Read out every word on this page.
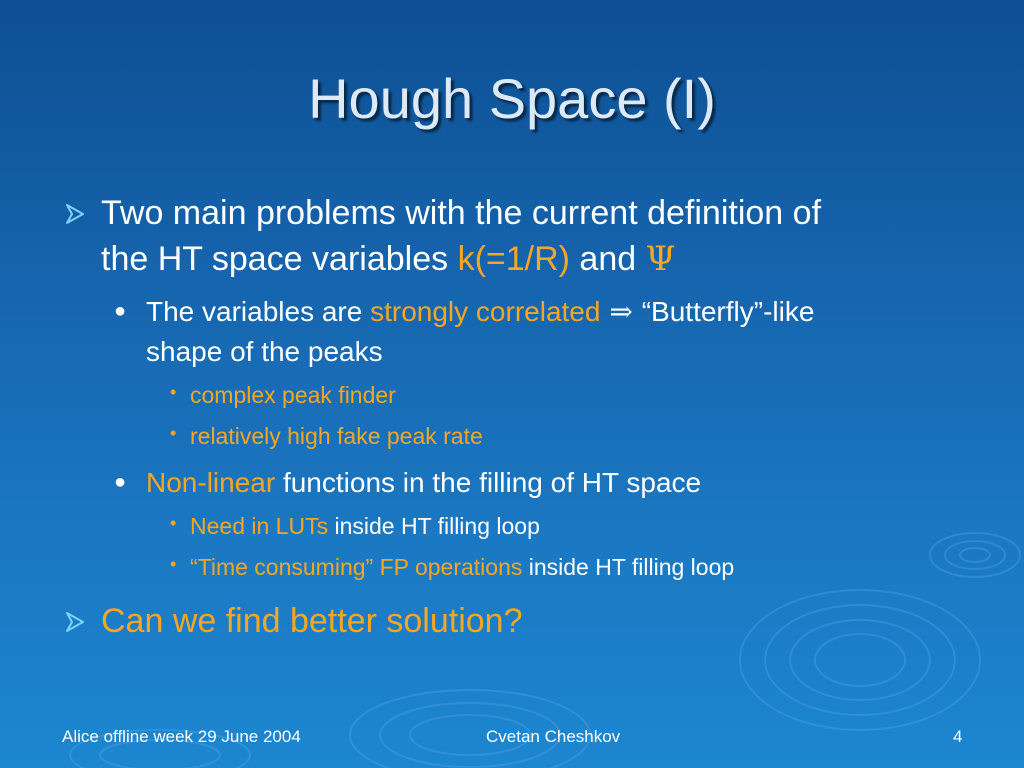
Hough Space (I)

Two main problems with the current definition of
the HT space variables k(=1/R) and Ψ

● The variables are strongly correlated ⇒ “Butterfly”-like
shape of the peaks

• complex peak finder

• relatively high fake peak rate

● Non-linear functions in the filling of HT space

• Need in LUTs inside HT filling loop

• “Time consuming” FP operations inside HT filling loop

Can we find better solution?

Alice offline week 29 June 2004	Cvetan Cheshkov	4
